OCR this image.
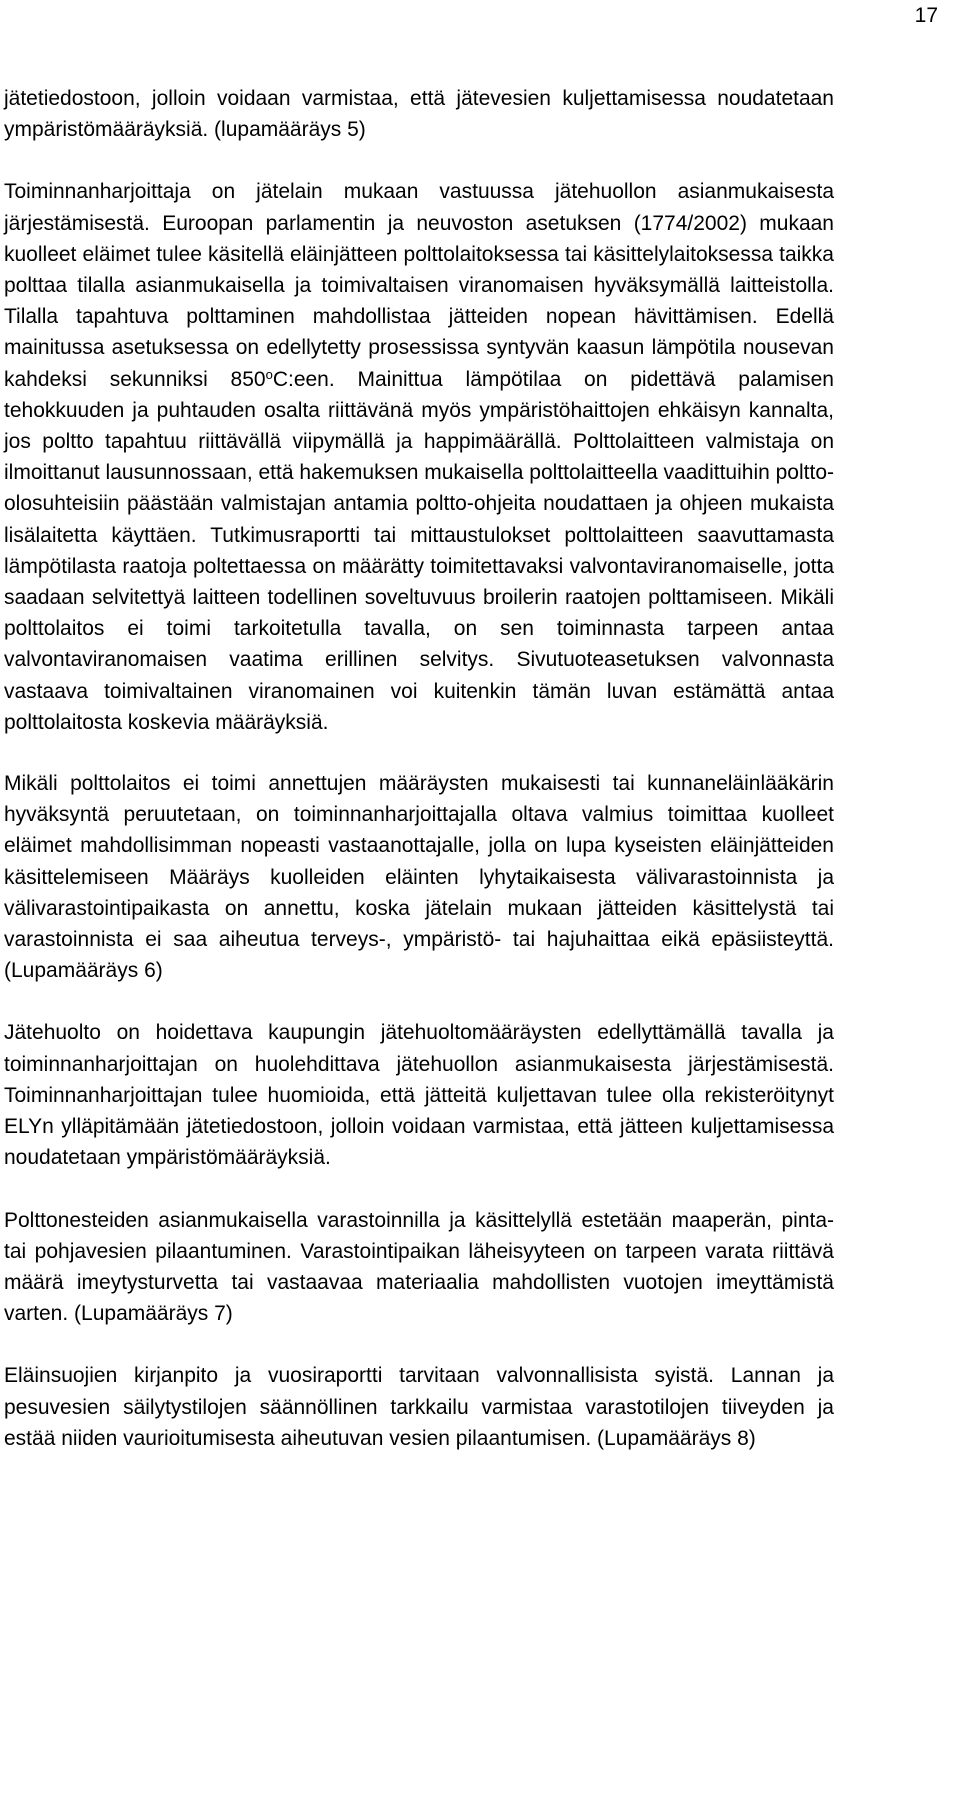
17

jätetiedostoon, jolloin voidaan varmistaa, että jätevesien kuljettamisessa noudatetaan ympäristömääräyksiä. (lupamääräys 5)

Toiminnanharjoittaja on jätelain mukaan vastuussa jätehuollon asianmukaisesta järjestämisestä. Euroopan parlamentin ja neuvoston asetuksen (1774/2002) mukaan kuolleet eläimet tulee käsitellä eläinjätteen polttolaitoksessa tai käsittelylaitoksessa taikka polttaa tilalla asianmukaisella ja toimivaltaisen viranomaisen hyväksymällä laitteistolla. Tilalla tapahtuva polttaminen mahdollistaa jätteiden nopean hävittämisen. Edellä mainitussa asetuksessa on edellytetty prosessissa syntyvän kaasun lämpötila nousevan kahdeksi sekunniksi 850$^o$C:een. Mainittua lämpötilaa on pidettävä palamisen tehokkuuden ja puhtauden osalta riittävänä myös ympäristöhaittojen ehkäisyn kannalta, jos poltto tapahtuu riittävällä viipymällä ja happimäärällä. Polttolaitteen valmistaja on ilmoittanut lausunnossaan, että hakemuksen mukaisella polttolaitteella vaadittuihin poltto-olosuhteisiin päästään valmistajan antamia poltto-ohjeita noudattaen ja ohjeen mukaista lisälaitetta käyttäen. Tutkimusraportti tai mittaustulokset polttolaitteen saavuttamasta lämpötilasta raatoja poltettaessa on määrätty toimitettavaksi valvontaviranomaiselle, jotta saadaan selvitettyä laitteen todellinen soveltuvuus broilerin raatojen polttamiseen. Mikäli polttolaitos ei toimi tarkoitetulla tavalla, on sen toiminnasta tarpeen antaa valvontaviranomaisen vaatima erillinen selvitys. Sivutuoteasetuksen valvonnasta vastaava toimivaltainen viranomainen voi kuitenkin tämän luvan estämättä antaa polttolaitosta koskevia määräyksiä.

Mikäli polttolaitos ei toimi annettujen määräysten mukaisesti tai kunnaneläinlääkärin hyväksyntä peruutetaan, on toiminnanharjoittajalla oltava valmius toimittaa kuolleet eläimet mahdollisimman nopeasti vastaanottajalle, jolla on lupa kyseisten eläinjätteiden käsittelemiseen Määräys kuolleiden eläinten lyhytaikaisesta välivarastoinnista ja välivarastointipaikasta on annettu, koska jätelain mukaan jätteiden käsittelystä tai varastoinnista ei saa aiheutua terveys-, ympäristö- tai hajuhaittaa eikä epäsiisteyttä. (Lupamääräys 6)

Jätehuolto on hoidettava kaupungin jätehuoltomääräysten edellyttämällä tavalla ja toiminnanharjoittajan on huolehdittava jätehuollon asianmukaisesta järjestämisestä. Toiminnanharjoittajan tulee huomioida, että jätteitä kuljettavan tulee olla rekisteröitynyt ELYn ylläpitämään jätetiedostoon, jolloin voidaan varmistaa, että jätteen kuljettamisessa noudatetaan ympäristömääräyksiä.

Polttonesteiden asianmukaisella varastoinnilla ja käsittelyllä estetään maaperän, pinta- tai pohjavesien pilaantuminen. Varastointipaikan läheisyyteen on tarpeen varata riittävä määrä imeytysturvetta tai vastaavaa materiaalia mahdollisten vuotojen imeyttämistä varten. (Lupamääräys 7)

Eläinsuojien kirjanpito ja vuosiraportti tarvitaan valvonnallisista syistä. Lannan ja pesuvesien säilytystilojen säännöllinen tarkkailu varmistaa varastotilojen tiiveyden ja estää niiden vaurioitumisesta aiheutuvan vesien pilaantumisen. (Lupamääräys 8)
